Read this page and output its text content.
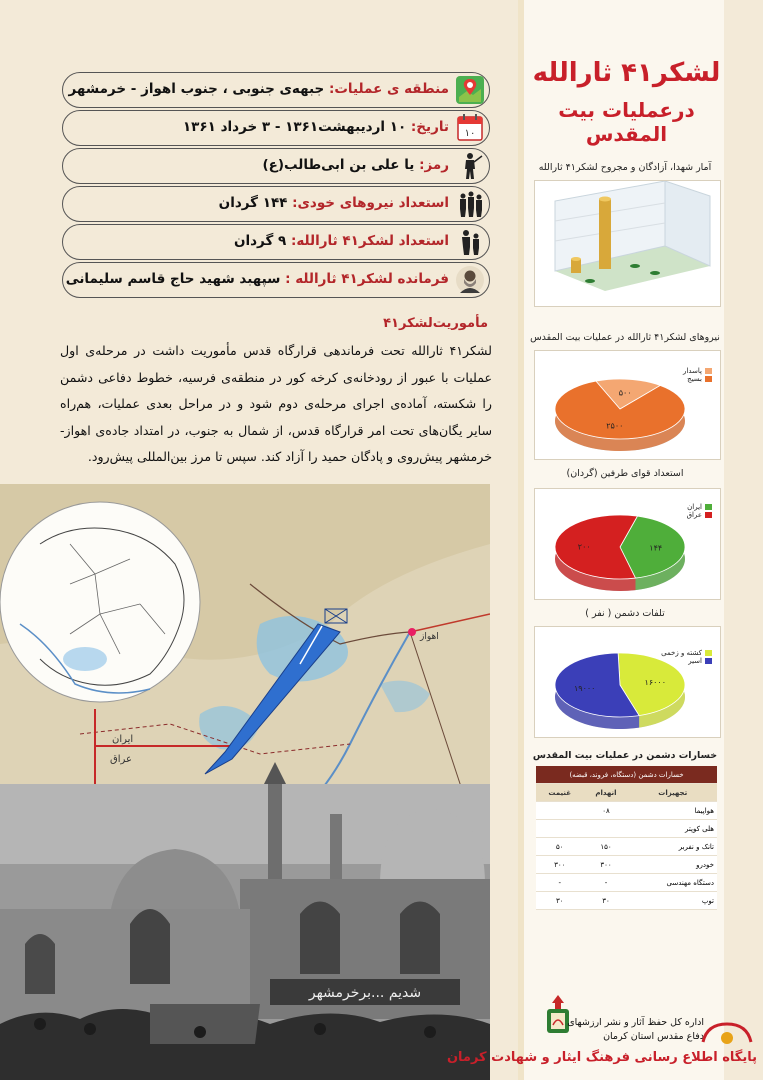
منطقه ی عملیات: جبهه‌ی جنوبی ، جنوب اهواز - خرمشهر
تاریخ: ۱۰ اردیبهشت۱۳۶۱ - ۳ خرداد ۱۳۶۱	۱۰
رمز: یا علی بن ابی‌طالب(ع)
استعداد نیروهای خودی: ۱۴۴ گردان
استعداد لشکر۴۱ ثارالله: ۹ گردان
فرمانده لشکر۴۱ ثارالله : سپهبد شهید حاج قاسم سلیمانی
مأموریت‌لشکر۴۱
لشکر۴۱ ثارالله تحت فرماندهی قرارگاه قدس مأموریت داشت در مرحله‌ی اول عملیات با عبور از رودخانه‌ی کرخه کور در منطقه‌ی فرسیه، خطوط دفاعی دشمن را شکسته، آماده‌ی اجرای مرحله‌ی دوم شود و در مراحل بعدی عملیات، هم‌راه سایر یگان‌های تحت امر قرارگاه قدس، از شمال به جنوب، در امتداد جاده‌ی اهواز- خرمشهر پیش‌روی و پادگان حمید را آزاد کند. سپس تا مرز بین‌المللی پیش‌رود.
اهواز
ایران
عراق
شدیم ...برخرمشهر
لشکر۴۱ ثارالله
درعملیات بیت المقدس
آمار شهدا، آزادگان و مجروح لشکر۴۱ ثارالله
نیروهای لشکر۴۱ ثارالله در عملیات بیت المقدس
۵۰۰
۲۵۰۰
پاسدار
بسیج
استعداد قوای طرفین (گردان)
۱۴۴
۲۰۰
ایران
عراق
تلفات دشمن ( نفر )
۱۶۰۰۰
۱۹۰۰۰
کشته و زخمی
اسیر
خسارات دشمن در عملیات بیت المقدس
خسارات دشمن (دستگاه، فروند، قبضه)		
تجهیزات	انهدام	غنیمت
هواپیما	۰۸	
هلی کوپتر		
تانک و نفربر	۱۵۰	۵۰
خودرو	۳۰۰	۳۰۰
دستگاه مهندسی	-	-
توپ	۳۰	۳۰
اداره کل حفظ آثار و نشر ارزشهای
دفاع مقدس استان کرمان
پایگاه اطلاع رسانی فرهنگ ایثار و شهادت کرمان
